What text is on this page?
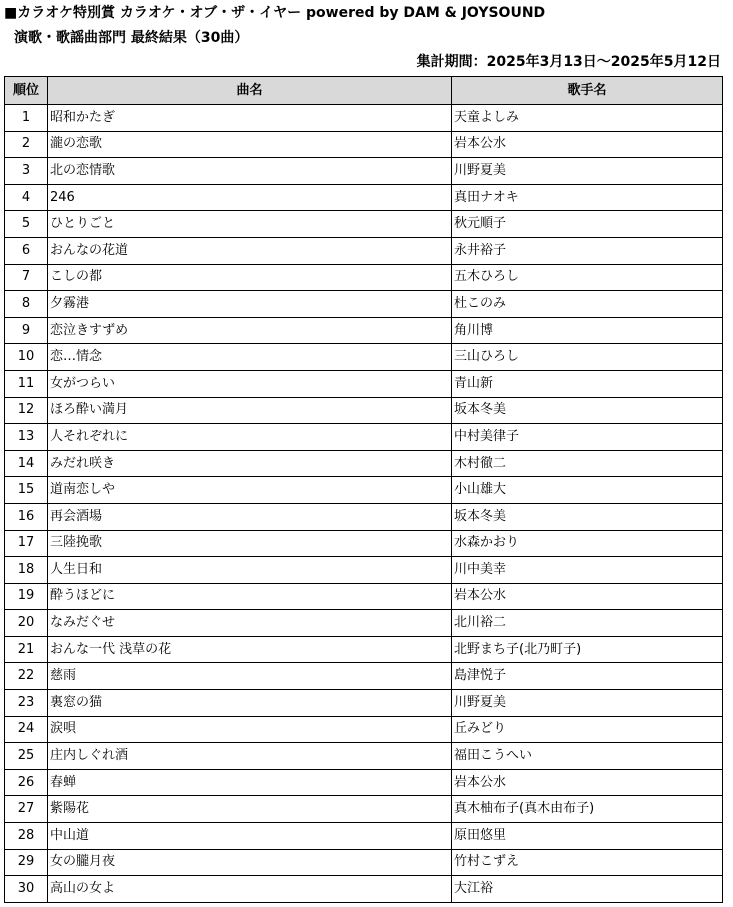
■カラオケ特別賞 カラオケ・オブ・ザ・イヤー powered by DAM & JOYSOUND
演歌・歌謡曲部門 最終結果（30曲）
集計期間：2025年3月13日～2025年5月12日
順位	曲名	歌手名
1	昭和かたぎ	天童よしみ
2	瀧の恋歌	岩本公水
3	北の恋情歌	川野夏美
4	246	真田ナオキ
5	ひとりごと	秋元順子
6	おんなの花道	永井裕子
7	こしの都	五木ひろし
8	夕霧港	杜このみ
9	恋泣きすずめ	角川博
10	恋…情念	三山ひろし
11	女がつらい	青山新
12	ほろ酔い満月	坂本冬美
13	人それぞれに	中村美律子
14	みだれ咲き	木村徹二
15	道南恋しや	小山雄大
16	再会酒場	坂本冬美
17	三陸挽歌	水森かおり
18	人生日和	川中美幸
19	酔うほどに	岩本公水
20	なみだぐせ	北川裕二
21	おんな一代 浅草の花	北野まち子(北乃町子)
22	慈雨	島津悦子
23	裏窓の猫	川野夏美
24	涙唄	丘みどり
25	庄内しぐれ酒	福田こうへい
26	春蝉	岩本公水
27	紫陽花	真木柚布子(真木由布子)
28	中山道	原田悠里
29	女の朧月夜	竹村こずえ
30	高山の女よ	大江裕
